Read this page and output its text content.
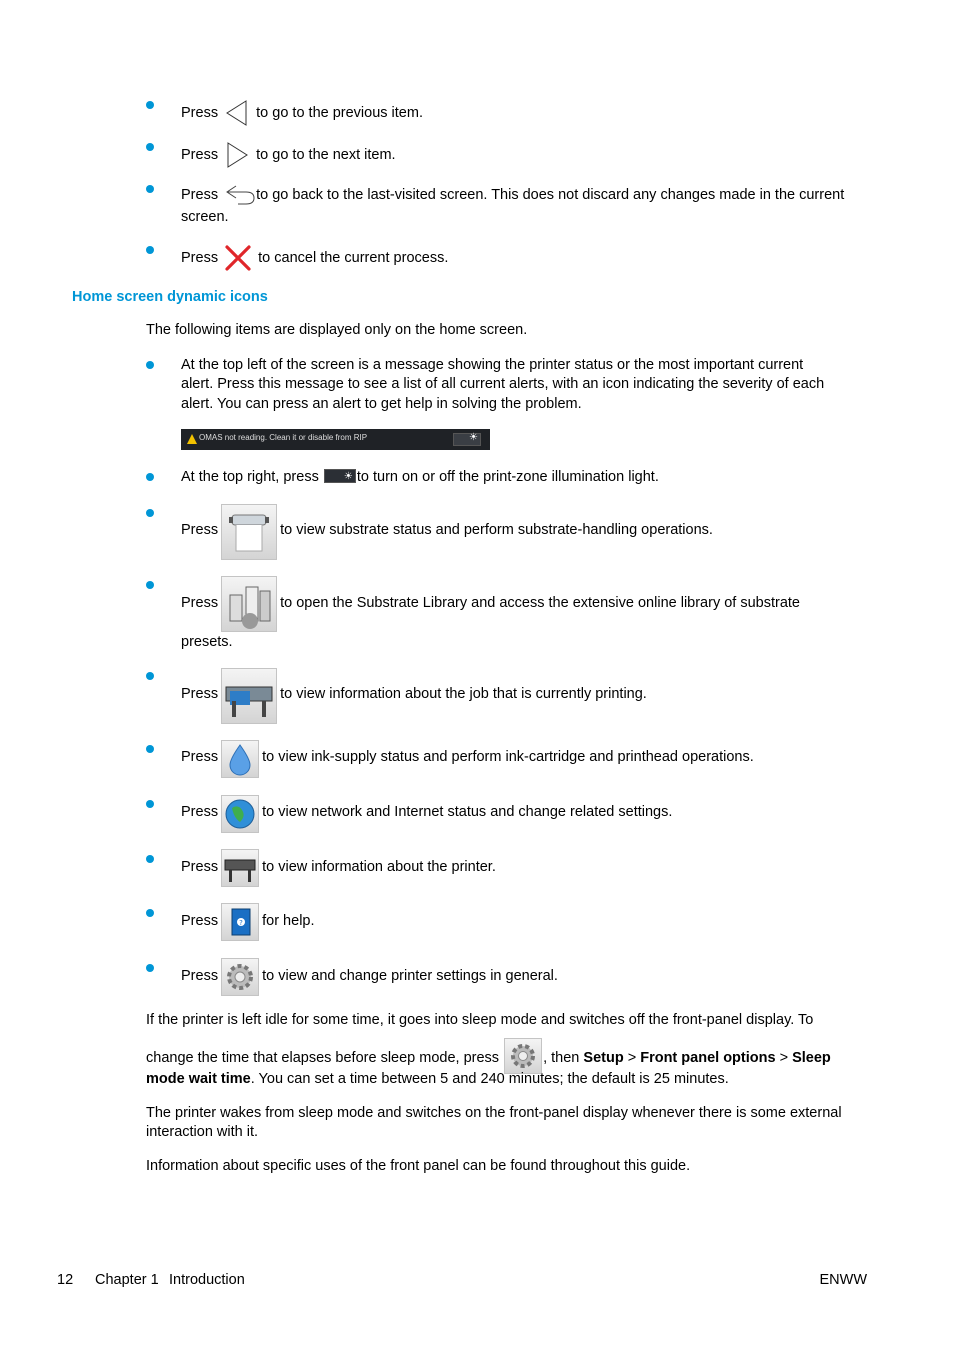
Press	to go to the previous item.
Press	to go to the next item.
Press	to go back to the last-visited screen. This does not discard any changes made in the current
screen.
Press	to cancel the current process.
Home screen dynamic icons
The following items are displayed only on the home screen.
At the top left of the screen is a message showing the printer status or the most important current
alert. Press this message to see a list of all current alerts, with an icon indicating the severity of each
alert. You can press an alert to get help in solving the problem.
OMAS not reading. Clean it or disable from RIP	☀
At the top right, press	☀ to turn on or off the print-zone illumination light.
Press	to view substrate status and perform substrate-handling operations.
Press	to open the Substrate Library and access the extensive online library of substrate
presets.
Press	to view information about the job that is currently printing.
Press	to view ink-supply status and perform ink-cartridge and printhead operations.
Press	to view network and Internet status and change related settings.
Press	to view information about the printer.
?
Press	for help.
Press	to view and change printer settings in general.
If the printer is left idle for some time, it goes into sleep mode and switches off the front-panel display. To
change the time that elapses before sleep mode, press	, then Setup > Front panel options > Sleep
mode wait time. You can set a time between 5 and 240 minutes; the default is 25 minutes.
The printer wakes from sleep mode and switches on the front-panel display whenever there is some external
interaction with it.
Information about specific uses of the front panel can be found throughout this guide.
12 Chapter 1 Introduction	ENWW
